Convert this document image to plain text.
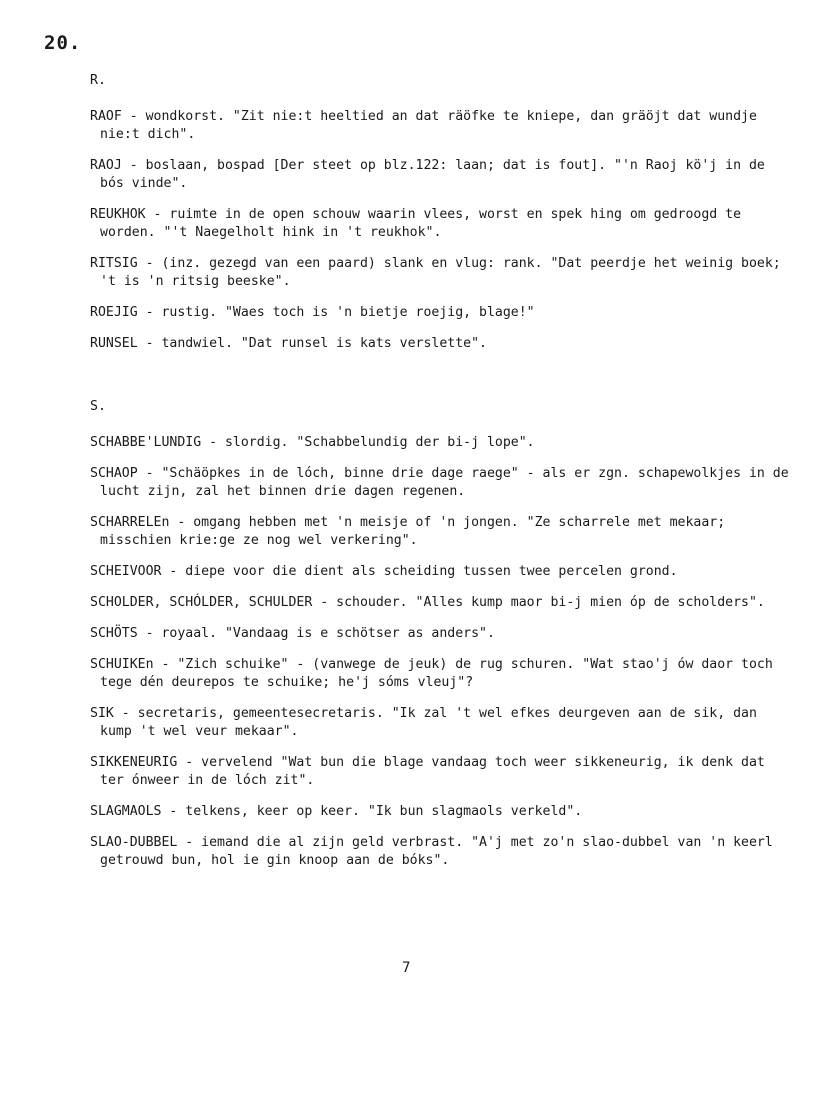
20.
R.

RAOF - wondkorst. "Zit nie:t heeltied an dat räöfke te kniepe, dan gräöjt dat wundje nie:t dich".

RAOJ - boslaan, bospad [Der steet op blz.122: laan; dat is fout]. "'n Raoj kö'j in de bós vinde".

REUKHOK - ruimte in de open schouw waarin vlees, worst en spek hing om gedroogd te worden. "'t Naegelholt hink in 't reukhok".

RITSIG - (inz. gezegd van een paard) slank en vlug: rank. "Dat peerdje het weinig boek; 't is 'n ritsig beeske".

ROEJIG - rustig. "Waes toch is 'n bietje roejig, blage!"

RUNSEL - tandwiel. "Dat runsel is kats verslette".

S.

SCHABBE'LUNDIG - slordig. "Schabbelundig der bi-j lope".

SCHAOP - "Schäöpkes in de lóch, binne drie dage raege" - als er zgn. schapewolkjes in de lucht zijn, zal het binnen drie dagen regenen.

SCHARRELEn - omgang hebben met 'n meisje of 'n jongen. "Ze scharrele met mekaar; misschien krie:ge ze nog wel verkering".

SCHEIVOOR - diepe voor die dient als scheiding tussen twee percelen grond.

SCHOLDER, SCHÓLDER, SCHULDER - schouder. "Alles kump maor bi-j mien óp de scholders".

SCHÖTS - royaal. "Vandaag is e schötser as anders".

SCHUIKEn - "Zich schuike" - (vanwege de jeuk) de rug schuren. "Wat stao'j ów daor toch tege dén deurepos te schuike; he'j sóms vleuj"?

SIK - secretaris, gemeentesecretaris. "Ik zal 't wel efkes deurgeven aan de sik, dan kump 't wel veur mekaar".

SIKKENEURIG - vervelend "Wat bun die blage vandaag toch weer sikkeneurig, ik denk dat ter ónweer in de lóch zit".

SLAGMAOLS - telkens, keer op keer. "Ik bun slagmaols verkeld".

SLAO-DUBBEL - iemand die al zijn geld verbrast. "A'j met zo'n slao-dubbel van 'n keerl getrouwd bun, hol ie gin knoop aan de bóks".

7
